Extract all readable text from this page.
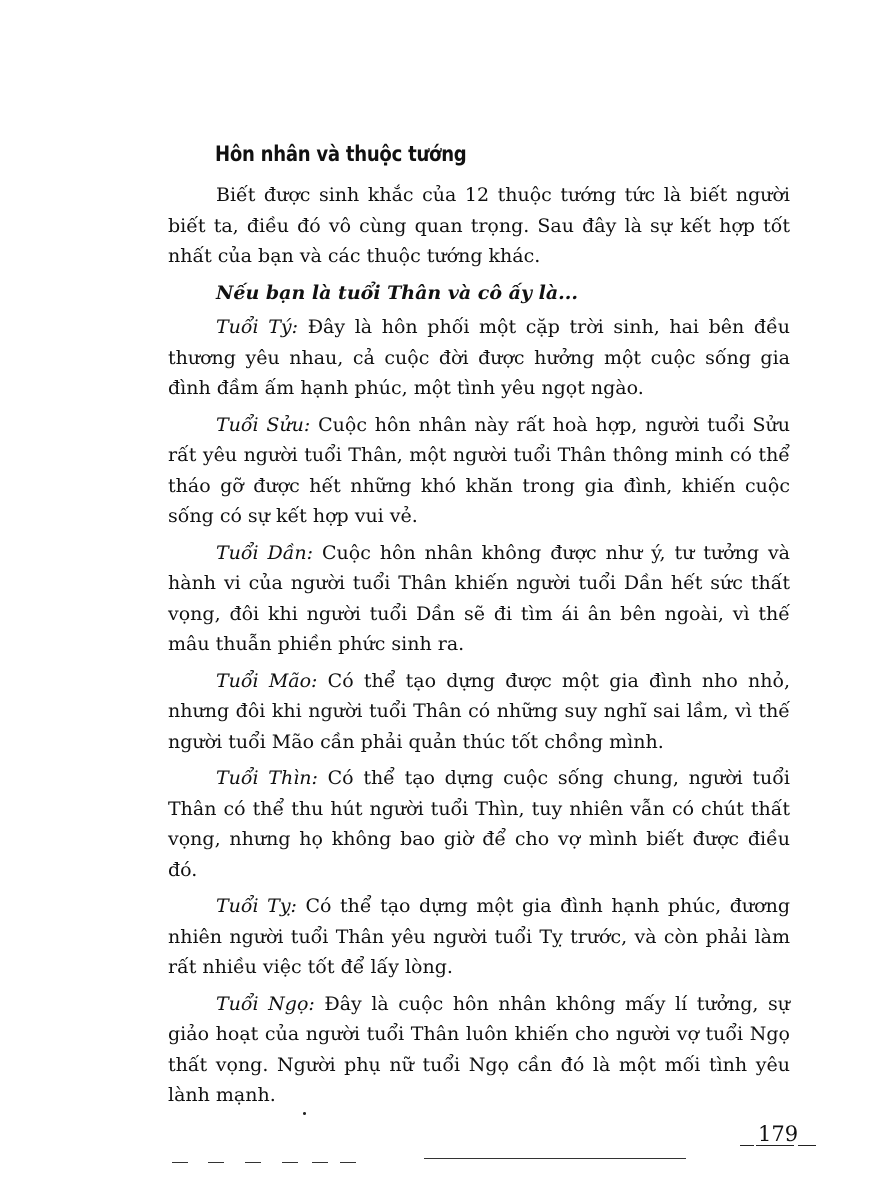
Hôn nhân và thuộc tướng

Biết được sinh khắc của 12 thuộc tướng tức là biết người biết ta, điều đó vô cùng quan trọng. Sau đây là sự kết hợp tốt nhất của bạn và các thuộc tướng khác.

Nếu bạn là tuổi Thân và cô ấy là...

Tuổi Tý: Đây là hôn phối một cặp trời sinh, hai bên đều thương yêu nhau, cả cuộc đời được hưởng một cuộc sống gia đình đầm ấm hạnh phúc, một tình yêu ngọt ngào.

Tuổi Sửu: Cuộc hôn nhân này rất hoà hợp, người tuổi Sửu rất yêu người tuổi Thân, một người tuổi Thân thông minh có thể tháo gỡ được hết những khó khăn trong gia đình, khiến cuộc sống có sự kết hợp vui vẻ.

Tuổi Dần: Cuộc hôn nhân không được như ý, tư tưởng và hành vi của người tuổi Thân khiến người tuổi Dần hết sức thất vọng, đôi khi người tuổi Dần sẽ đi tìm ái ân bên ngoài, vì thế mâu thuẫn phiền phức sinh ra.

Tuổi Mão: Có thể tạo dựng được một gia đình nho nhỏ, nhưng đôi khi người tuổi Thân có những suy nghĩ sai lầm, vì thế người tuổi Mão cần phải quản thúc tốt chồng mình.

Tuổi Thìn: Có thể tạo dựng cuộc sống chung, người tuổi Thân có thể thu hút người tuổi Thìn, tuy nhiên vẫn có chút thất vọng, nhưng họ không bao giờ để cho vợ mình biết được điều đó.

Tuổi Tỵ: Có thể tạo dựng một gia đình hạnh phúc, đương nhiên người tuổi Thân yêu người tuổi Tỵ trước, và còn phải làm rất nhiều việc tốt để lấy lòng.

Tuổi Ngọ: Đây là cuộc hôn nhân không mấy lí tưởng, sự giảo hoạt của người tuổi Thân luôn khiến cho người vợ tuổi Ngọ thất vọng. Người phụ nữ tuổi Ngọ cần đó là một mối tình yêu lành mạnh.

179
